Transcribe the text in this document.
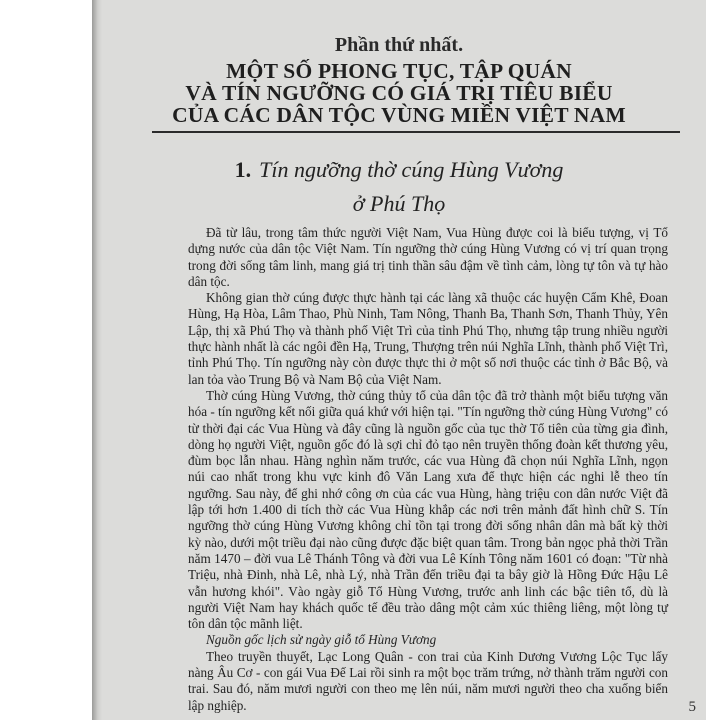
Phần thứ nhất.
MỘT SỐ PHONG TỤC, TẬP QUÁN
VÀ TÍN NGƯỠNG CÓ GIÁ TRỊ TIÊU BIỂU
CỦA CÁC DÂN TỘC VÙNG MIỀN VIỆT NAM
1. Tín ngưỡng thờ cúng Hùng Vương
ở Phú Thọ

Đã từ lâu, trong tâm thức người Việt Nam, Vua Hùng được coi là biểu tượng, vị Tổ dựng nước của dân tộc Việt Nam. Tín ngưỡng thờ cúng Hùng Vương có vị trí quan trọng trong đời sống tâm linh, mang giá trị tinh thần sâu đậm về tình cảm, lòng tự tôn và tự hào dân tộc.

Không gian thờ cúng được thực hành tại các làng xã thuộc các huyện Cẩm Khê, Đoan Hùng, Hạ Hòa, Lâm Thao, Phù Ninh, Tam Nông, Thanh Ba, Thanh Sơn, Thanh Thủy, Yên Lập, thị xã Phú Thọ và thành phố Việt Trì của tỉnh Phú Thọ, nhưng tập trung nhiều người thực hành nhất là các ngôi đền Hạ, Trung, Thượng trên núi Nghĩa Lĩnh, thành phố Việt Trì, tỉnh Phú Thọ. Tín ngưỡng này còn được thực thi ở một số nơi thuộc các tỉnh ở Bắc Bộ, và lan tỏa vào Trung Bộ và Nam Bộ của Việt Nam.

Thờ cúng Hùng Vương, thờ cúng thủy tổ của dân tộc đã trở thành một biểu tượng văn hóa - tín ngưỡng kết nối giữa quá khứ với hiện tại. "Tín ngưỡng thờ cúng Hùng Vương" có từ thời đại các Vua Hùng và đây cũng là nguồn gốc của tục thờ Tổ tiên của từng gia đình, dòng họ người Việt, nguồn gốc đó là sợi chỉ đỏ tạo nên truyền thống đoàn kết thương yêu, đùm bọc lẫn nhau. Hàng nghìn năm trước, các vua Hùng đã chọn núi Nghĩa Lĩnh, ngọn núi cao nhất trong khu vực kinh đô Văn Lang xưa để thực hiện các nghi lễ theo tín ngưỡng. Sau này, để ghi nhớ công ơn của các vua Hùng, hàng triệu con dân nước Việt đã lập tới hơn 1.400 di tích thờ các Vua Hùng khắp các nơi trên mảnh đất hình chữ S. Tín ngưỡng thờ cúng Hùng Vương không chỉ tồn tại trong đời sống nhân dân mà bất kỳ thời kỳ nào, dưới một triều đại nào cũng được đặc biệt quan tâm. Trong bản ngọc phả thời Trần năm 1470 – đời vua Lê Thánh Tông và đời vua Lê Kính Tông năm 1601 có đoạn: "Từ nhà Triệu, nhà Đinh, nhà Lê, nhà Lý, nhà Trần đến triều đại ta bây giờ là Hồng Đức Hậu Lê vẫn hương khói". Vào ngày giỗ Tổ Hùng Vương, trước anh linh các bậc tiên tổ, dù là người Việt Nam hay khách quốc tế đều trào dâng một cảm xúc thiêng liêng, một lòng tự tôn dân tộc mãnh liệt.

Nguồn gốc lịch sử ngày giỗ tổ Hùng Vương

Theo truyền thuyết, Lạc Long Quân - con trai của Kinh Dương Vương Lộc Tục lấy nàng Âu Cơ - con gái Vua Đế Lai rồi sinh ra một bọc trăm trứng, nở thành trăm người con trai. Sau đó, năm mươi người con theo mẹ lên núi, năm mươi người theo cha xuống biển lập nghiệp.	5
